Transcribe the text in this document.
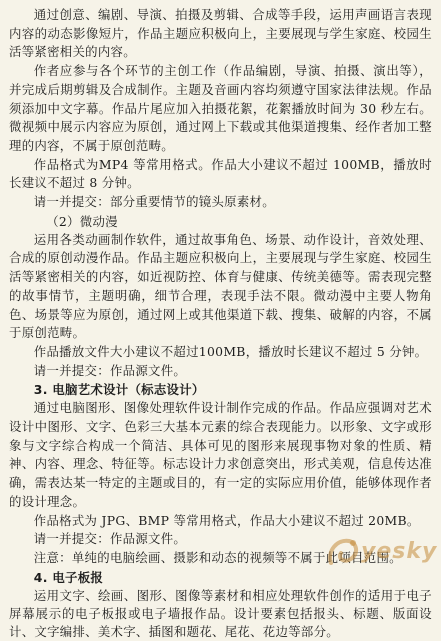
通过创意、编剧、导演、拍摄及剪辑、合成等手段，运用声画语言表现内容的动态影像短片，作品主题应积极向上，主要展现与学生家庭、校园生活等紧密相关的内容。

作者应参与各个环节的主创工作（作品编剧，导演、拍摄、演出等），并完成后期剪辑及合成制作。主题及音画内容均须遵守国家法律法规。作品须添加中文字幕。作品片尾应加入拍摄花絮，花絮播放时间为 30 秒左右。微视频中展示内容应为原创，通过网上下载或其他渠道搜集、经作者加工整理的内容，不属于原创范畴。

作品格式为MP4 等常用格式。作品大小建议不超过 100MB，播放时长建议不超过 8 分钟。

请一并提交：部分重要情节的镜头原素材。

（2）微动漫

运用各类动画制作软件，通过故事角色、场景、动作设计，音效处理、合成的原创动漫作品。作品主题应积极向上，主要展现与学生家庭、校园生活等紧密相关的内容，如近视防控、体育与健康、传统美德等。需表现完整的故事情节，主题明确，细节合理，表现手法不限。微动漫中主要人物角色、场景等应为原创，通过网上或其他渠道下载、搜集、破解的内容，不属于原创范畴。

作品播放文件大小建议不超过100MB，播放时长建议不超过 5 分钟。

请一并提交：作品源文件。

3. 电脑艺术设计（标志设计）

通过电脑图形、图像处理软件设计制作完成的作品。作品应强调对艺术设计中图形、文字、色彩三大基本元素的综合表现能力。以形象、文字或形象与文字综合构成一个简洁、具体可见的图形来展现事物对象的性质、精神、内容、理念、特征等。标志设计力求创意突出，形式美观，信息传达准确，需表达某一特定的主题或目的，有一定的实际应用价值，能够体现作者的设计理念。

作品格式为 JPG、BMP 等常用格式，作品大小建议不超过 20MB。

请一并提交：作品源文件。

注意：单纯的电脑绘画、摄影和动态的视频等不属于此项目范围。

4. 电子板报

运用文字、绘画、图形、图像等素材和相应处理软件创作的适用于电子屏幕展示的电子板报或电子墙报作品。设计要素包括报头、标题、版面设计、文字编排、美术字、插图和题花、尾花、花边等部分。

yesky
